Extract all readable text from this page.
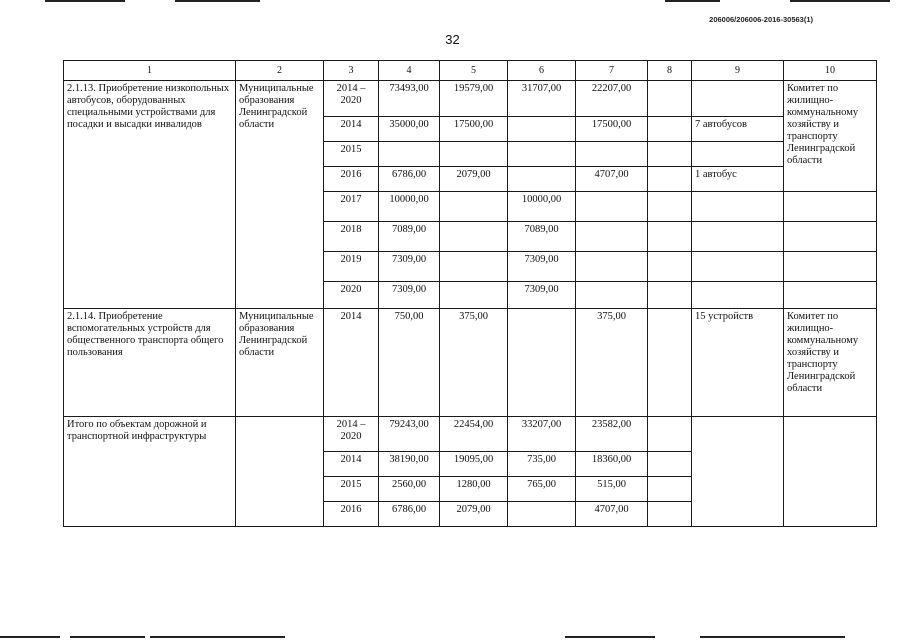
206006/206006-2016-30563(1)
32
1	2	3	4	5	6	7	8	9	10
2.1.13. Приобретение низкопольных автобусов, оборудованных специальными устройствами для посадки и высадки инвалидов	Муниципальные образования Ленинградской области	2014 – 2020	73493,00	19579,00	31707,00	22207,00			Комитет по жилищно-коммунальному хозяйству и транспорту Ленинградской области
		2014	35000,00	17500,00		17500,00		7 автобусов	
		2015							
		2016	6786,00	2079,00		4707,00		1 автобус	
		2017	10000,00		10000,00				
		2018	7089,00		7089,00				
		2019	7309,00		7309,00				
		2020	7309,00		7309,00				
2.1.14. Приобретение вспомогательных устройств для общественного транспорта общего пользования	Муниципальные образования Ленинградской области	2014	750,00	375,00		375,00		15 устройств	Комитет по жилищно-коммунальному хозяйству и транспорту Ленинградской области
Итого по объектам дорожной и транспортной инфраструктуры		2014 – 2020	79243,00	22454,00	33207,00	23582,00			
		2014	38190,00	19095,00	735,00	18360,00			
		2015	2560,00	1280,00	765,00	515,00			
		2016	6786,00	2079,00		4707,00			
